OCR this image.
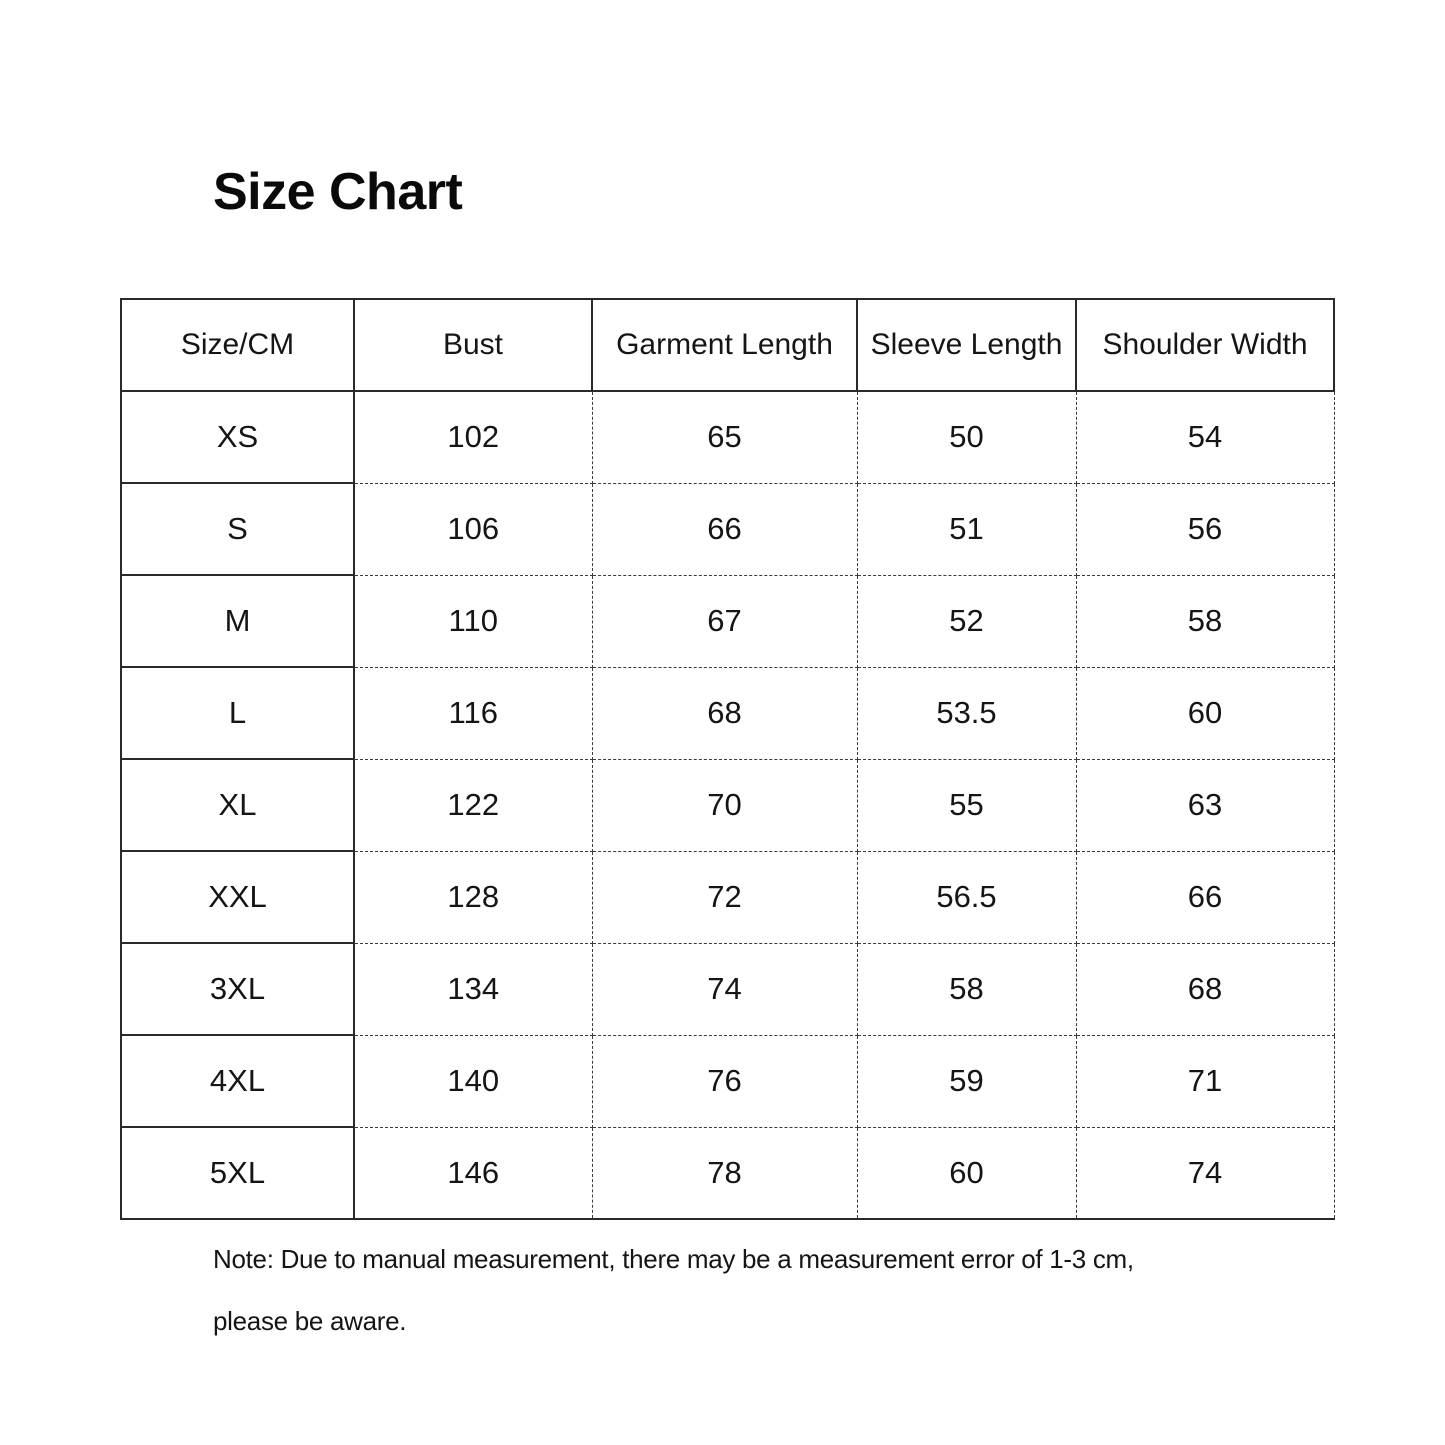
Size Chart
Size/CM	Bust	Garment Length	Sleeve Length	Shoulder Width
XS	102	65	50	54
S	106	66	51	56
M	110	67	52	58
L	116	68	53.5	60
XL	122	70	55	63
XXL	128	72	56.5	66
3XL	134	74	58	68
4XL	140	76	59	71
5XL	146	78	60	74
Note: Due to manual measurement, there may be a measurement error of 1-3 cm,
please be aware.
